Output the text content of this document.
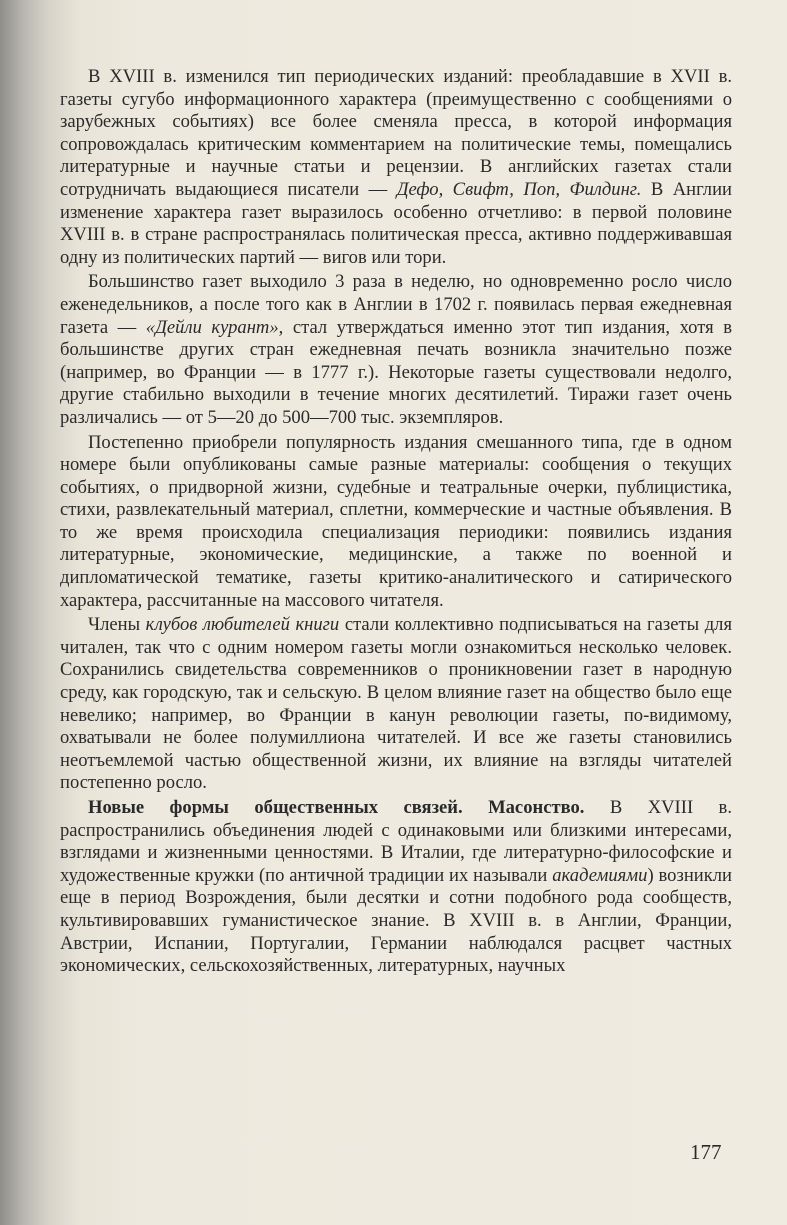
В XVIII в. изменился тип периодических изданий: преобладавшие в XVII в. газеты сугубо информационного характера (преимущественно с сообщениями о зарубежных событиях) все более сменяла пресса, в которой информация сопровождалась критическим комментарием на политические темы, помещались литературные и научные статьи и рецензии. В английских газетах стали сотрудничать выдающиеся писатели — Дефо, Свифт, Поп, Филдинг. В Англии изменение характера газет выразилось особенно отчетливо: в первой половине XVIII в. в стране распространялась политическая пресса, активно поддерживавшая одну из политических партий — вигов или тори.

Большинство газет выходило 3 раза в неделю, но одновременно росло число еженедельников, а после того как в Англии в 1702 г. появилась первая ежедневная газета — «Дейли курант», стал утверждаться именно этот тип издания, хотя в большинстве других стран ежедневная печать возникла значительно позже (например, во Франции — в 1777 г.). Некоторые газеты существовали недолго, другие стабильно выходили в течение многих десятилетий. Тиражи газет очень различались — от 5—20 до 500—700 тыс. экземпляров.

Постепенно приобрели популярность издания смешанного типа, где в одном номере были опубликованы самые разные материалы: сообщения о текущих событиях, о придворной жизни, судебные и театральные очерки, публицистика, стихи, развлекательный материал, сплетни, коммерческие и частные объявления. В то же время происходила специализация периодики: появились издания литературные, экономические, медицинские, а также по военной и дипломатической тематике, газеты критико-аналитического и сатирического характера, рассчитанные на массового читателя.

Члены клубов любителей книги стали коллективно подписываться на газеты для читален, так что с одним номером газеты могли ознакомиться несколько человек. Сохранились свидетельства современников о проникновении газет в народную среду, как городскую, так и сельскую. В целом влияние газет на общество было еще невелико; например, во Франции в канун революции газеты, по-видимому, охватывали не более полумиллиона читателей. И все же газеты становились неотъемлемой частью общественной жизни, их влияние на взгляды читателей постепенно росло.

Новые формы общественных связей. Масонство. В XVIII в. распространились объединения людей с одинаковыми или близкими интересами, взглядами и жизненными ценностями. В Италии, где литературно-философские и художественные кружки (по античной традиции их называли академиями) возникли еще в период Возрождения, были десятки и сотни подобного рода сообществ, культивировавших гуманистическое знание. В XVIII в. в Англии, Франции, Австрии, Испании, Португалии, Германии наблюдался расцвет частных экономических, сельскохозяйственных, литературных, научных

177
